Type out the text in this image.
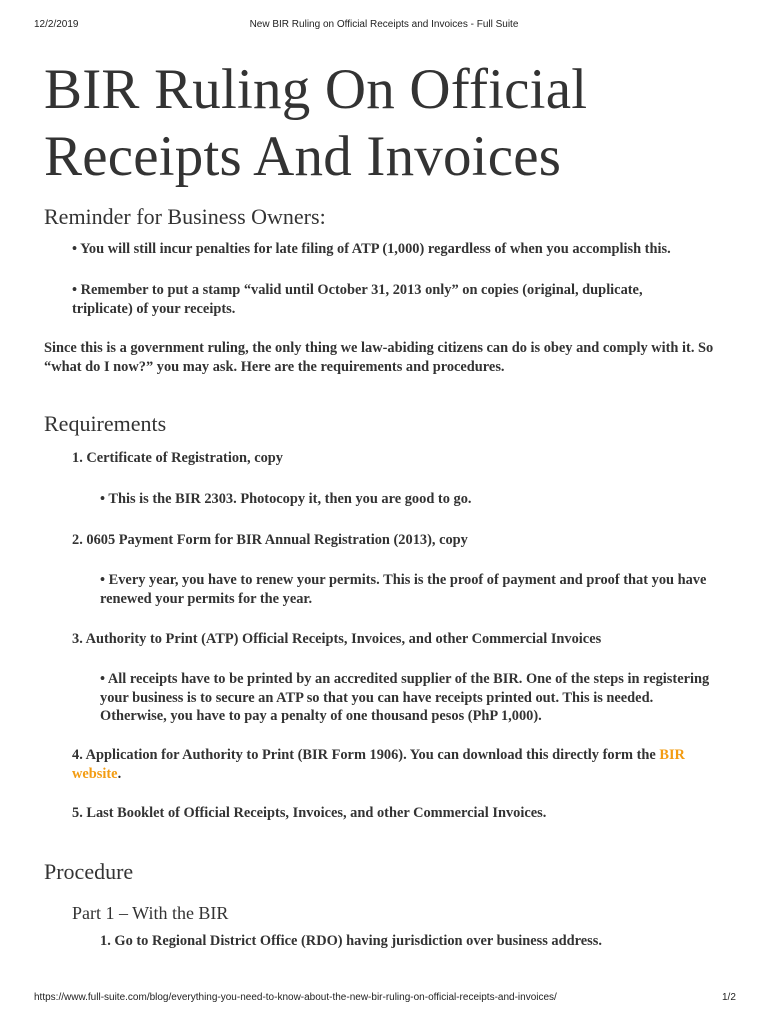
12/2/2019	New BIR Ruling on Official Receipts and Invoices - Full Suite
BIR Ruling On Official Receipts And Invoices
Reminder for Business Owners:
• You will still incur penalties for late filing of ATP (1,000) regardless of when you accomplish this.
• Remember to put a stamp “valid until October 31, 2013 only” on copies (original, duplicate, triplicate) of your receipts.
Since this is a government ruling, the only thing we law-abiding citizens can do is obey and comply with it. So “what do I now?” you may ask. Here are the requirements and procedures.
Requirements
1. Certificate of Registration, copy
• This is the BIR 2303. Photocopy it, then you are good to go.
2. 0605 Payment Form for BIR Annual Registration (2013), copy
• Every year, you have to renew your permits. This is the proof of payment and proof that you have renewed your permits for the year.
3. Authority to Print (ATP) Official Receipts, Invoices, and other Commercial Invoices
• All receipts have to be printed by an accredited supplier of the BIR. One of the steps in registering your business is to secure an ATP so that you can have receipts printed out. This is needed. Otherwise, you have to pay a penalty of one thousand pesos (PhP 1,000).
4. Application for Authority to Print (BIR Form 1906). You can download this directly form the BIR website.
5. Last Booklet of Official Receipts, Invoices, and other Commercial Invoices.
Procedure
Part 1 – With the BIR
1. Go to Regional District Office (RDO) having jurisdiction over business address.
https://www.full-suite.com/blog/everything-you-need-to-know-about-the-new-bir-ruling-on-official-receipts-and-invoices/	1/2
